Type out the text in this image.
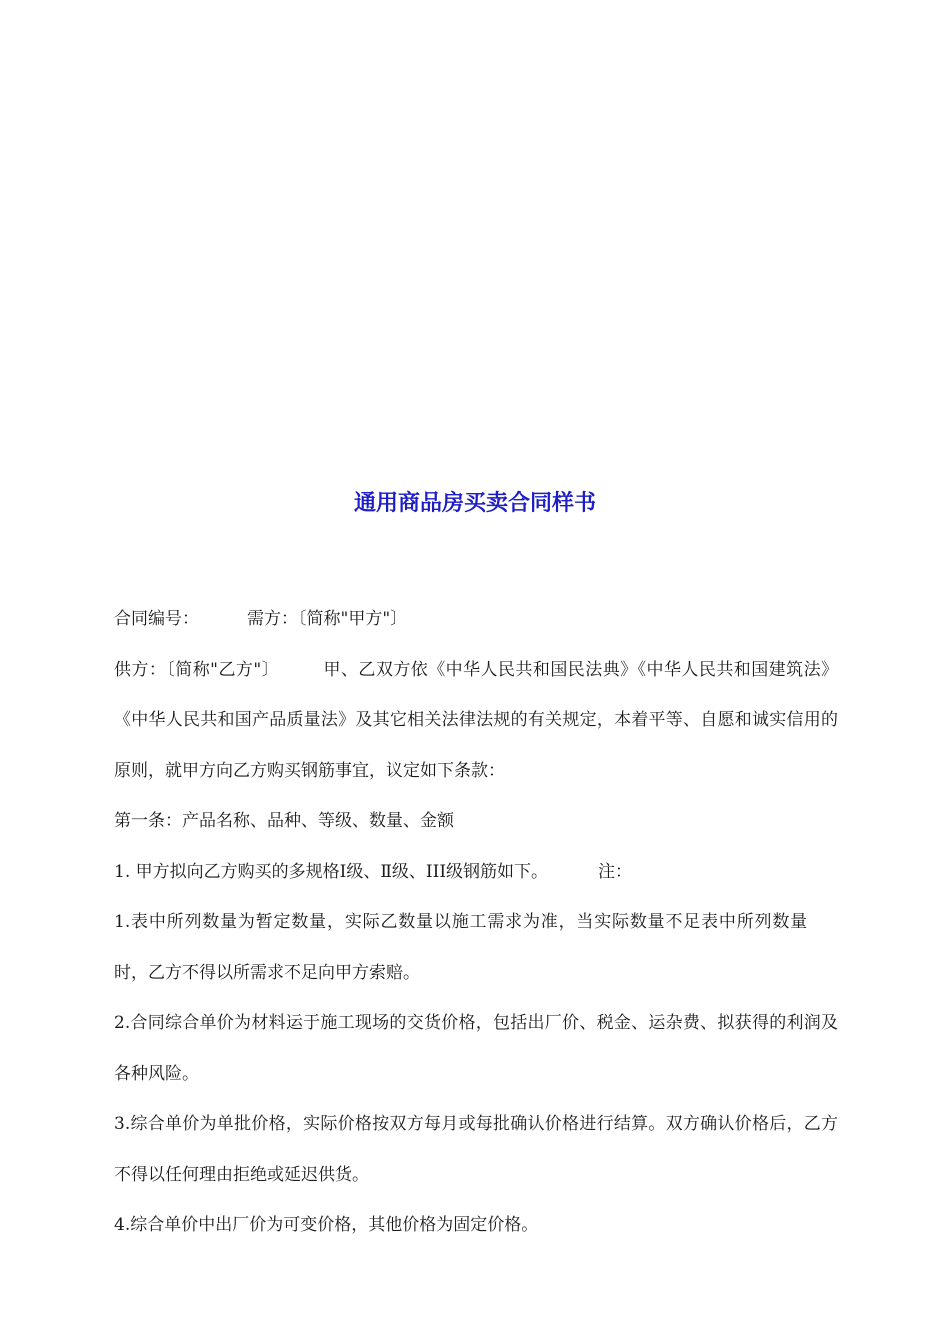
通用商品房买卖合同样书

合同编号：	需方：〔简称"甲方"〕

供方：〔简称"乙方"〕	甲、乙双方依《中华人民共和国民法典》《中华人民共和国建筑法》《中华人民共和国产品质量法》及其它相关法律法规的有关规定，本着平等、自愿和诚实信用的原则，就甲方向乙方购买钢筋事宜，议定如下条款：

第一条：产品名称、品种、等级、数量、金额

1. 甲方拟向乙方购买的多规格Ⅰ级、Ⅱ级、III级钢筋如下。	注：

1.表中所列数量为暂定数量，实际乙数量以施工需求为准，当实际数量不足表中所列数量时，乙方不得以所需求不足向甲方索赔。

2.合同综合单价为材料运于施工现场的交货价格，包括出厂价、税金、运杂费、拟获得的利润及各种风险。

3.综合单价为单批价格，实际价格按双方每月或每批确认价格进行结算。双方确认价格后，乙方不得以任何理由拒绝或延迟供货。

4.综合单价中出厂价为可变价格，其他价格为固定价格。
